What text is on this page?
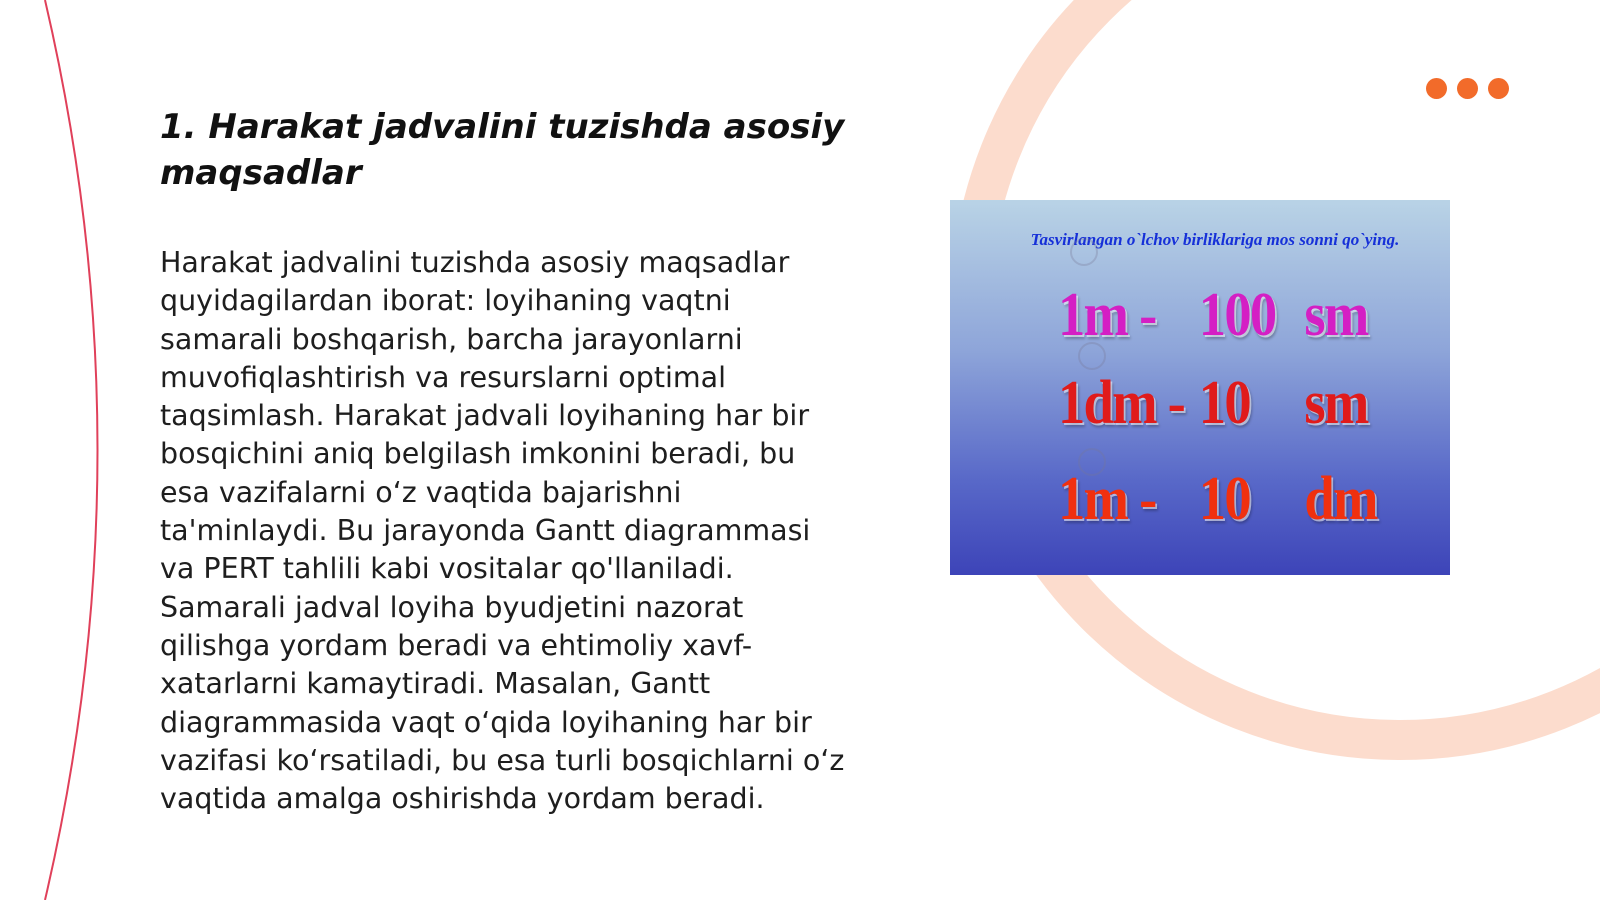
1. Harakat jadvalini tuzishda asosiy maqsadlar

Harakat jadvalini tuzishda asosiy maqsadlar quyidagilardan iborat: loyihaning vaqtni samarali boshqarish, barcha jarayonlarni muvofiqlashtirish va resurslarni optimal taqsimlash. Harakat jadvali loyihaning har bir bosqichini aniq belgilash imkonini beradi, bu esa vazifalarni o‘z vaqtida bajarishni ta'minlaydi. Bu jarayonda Gantt diagrammasi va PERT tahlili kabi vositalar qo'llaniladi. Samarali jadval loyiha byudjetini nazorat qilishga yordam beradi va ehtimoliy xavf-xatarlarni kamaytiradi. Masalan, Gantt diagrammasida vaqt o‘qida loyihaning har bir vazifasi ko‘rsatiladi, bu esa turli bosqichlarni o‘z vaqtida amalga oshirishda yordam beradi.

Tasvirlangan o`lchov birliklariga mos sonni qo`ying.
1m - 100 sm
1dm - 10 sm
1m - 10 dm
